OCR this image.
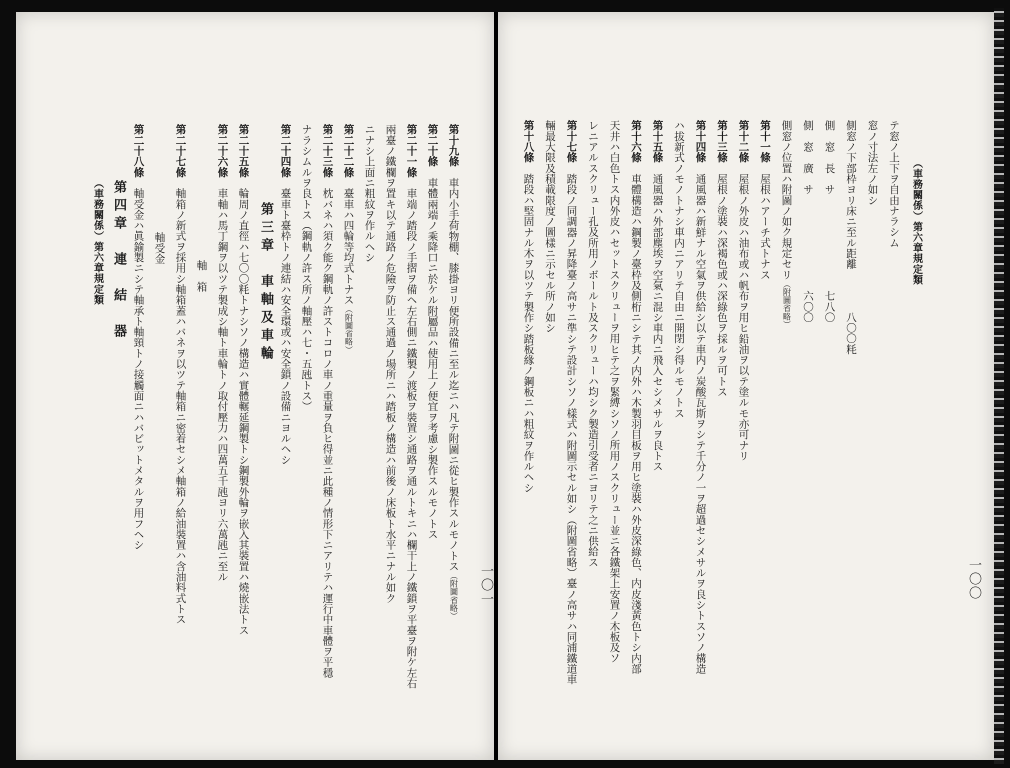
第十九條　車内小手荷物棚、膝掛ヨリ便所設備ニ至ル迄ニハ凡テ附圖ニ從ヒ製作スルモノトス（附圖省略）
第二十條　車體兩端ノ乘降口ニ於ケル附屬品ハ使用上ノ便宜ヲ考慮シ製作スルモノトス
第二十一條　車端ノ踏段ノ手摺ヲ備ヘ左右側ニ鐵製ノ渡板ヲ裝置シ通路ヲ通ルトキニハ欄干上ノ鐵鎖ヲ平臺ヲ附ケ左右
兩臺ノ鐵欄ヲ置キ以テ通路ノ危險ヲ防止ス通過ノ場所ニハ踏板ノ構造ハ前後ノ床板ト水平ニナル如ク
ニナシ上面ニ粗紋ヲ作ルヘシ
第二十二條　臺車ハ四輪等均式トナス（附圖省略）
第二十三條　枕バネハ須ク能ク鋼軌ノ許ストコロノ車ノ重量ヲ負ヒ得並ニ此種ノ情形下ニアリテハ運行中車體ヲ平穩
ナラシムルヲ良トス（鋼軌ノ許ス所ノ軸壓ハ七・五瓲トス）
第二十四條　臺車ト臺枠トノ連結ハ安全環或ハ安全鎖ノ設備ニヨルヘシ
第三章　車軸及車輪
第二十五條　輪周ノ直徑ハ七〇〇粍トナシソノ構造ハ實體輾延鋼製トシ鋼製外輪ヲ嵌入其裝置ハ燒嵌法トス
第二十六條　車軸ハ馬丁鋼ヲ以ツテ製成シ軸ト車輪トノ取付壓力ハ四萬五千瓲ヨリ六萬瓲ニ至ル
軸　箱
第二十七條　軸箱ノ新式ヲ採用シ軸箱蓋ハバネヲ以ツテ軸箱ニ密着セシメ軸箱ノ給油裝置ハ含油料式トス
軸受金
第二十八條　軸受金ハ眞鍮製ニシテ軸承ト軸頸トノ接觸面ニハバビットメタルヲ用フヘシ
第四章　連　結　器
（車務關係）第六章規定類
一〇一
（車務關係）第六章規定類
テ窓ノ上下ヲ自由ナラシム
窓ノ寸法左ノ如シ
側窓ノ下部枠ヨリ床ニ至ル距離　　　　八〇〇粍
側　窓　長　サ　　　　　　　　　七八〇
側　窓　廣　サ　　　　　　　　　六〇〇
側窓ノ位置ハ附圖ノ如ク規定セリ（附圖省略）
第十一條　屋根ハアーチ式トナス
第十二條　屋根ノ外皮ハ油布或ハ帆布ヲ用ヒ鉛油ヲ以テ塗ルモ亦可ナリ
第十三條　屋根ノ塗裝ハ深褐色或ハ深綠色ヲ採ルヲ可トス
第十四條　通風器ハ新鮮ナル空氣ヲ供給シ以テ車内ノ炭酸瓦斯ヲシテ千分ノ一ヲ超過セシメサルヲ良シトスソノ構造
ハ拔新式ノモノトナシ車内ニアリテ自由ニ開閉シ得ルモノトス
第十五條　通風器ハ外部塵埃ヲ空氣ニ混シ車内ニ飛入セシメサルヲ良トス
第十六條　車體構造ハ鋼製ノ臺枠及側桁ニシテ其ノ内外ハ木製羽目板ヲ用ヒ塗裝ハ外皮深綠色、内皮淺黃色トシ内部
天井ハ白色トス内外皮ハセットスクリューヲ用ヒテ之ヲ緊縛シソノ所用ノスクリュー並ニ各鐵架上安置ノ木板及ソ
レニアルスクリュー孔及所用ノボールト及スクリューハ均シク製造引受者ニヨリテ之ニ供給ス
第十七條　踏段ノ同調器ノ昇降臺ノ高サニ準シテ設計シソノ樣式ハ附圖示セル如シ（附圖省略）臺ノ高サハ同浦鐵道車
輛最大限及積載限度ノ圖樣ニ示セル所ノ如シ
第十八條　踏段ハ堅固ナル木ヲ以ツテ製作シ踏板緣ノ鋼板ニハ粗紋ヲ作ルヘシ
一〇〇
